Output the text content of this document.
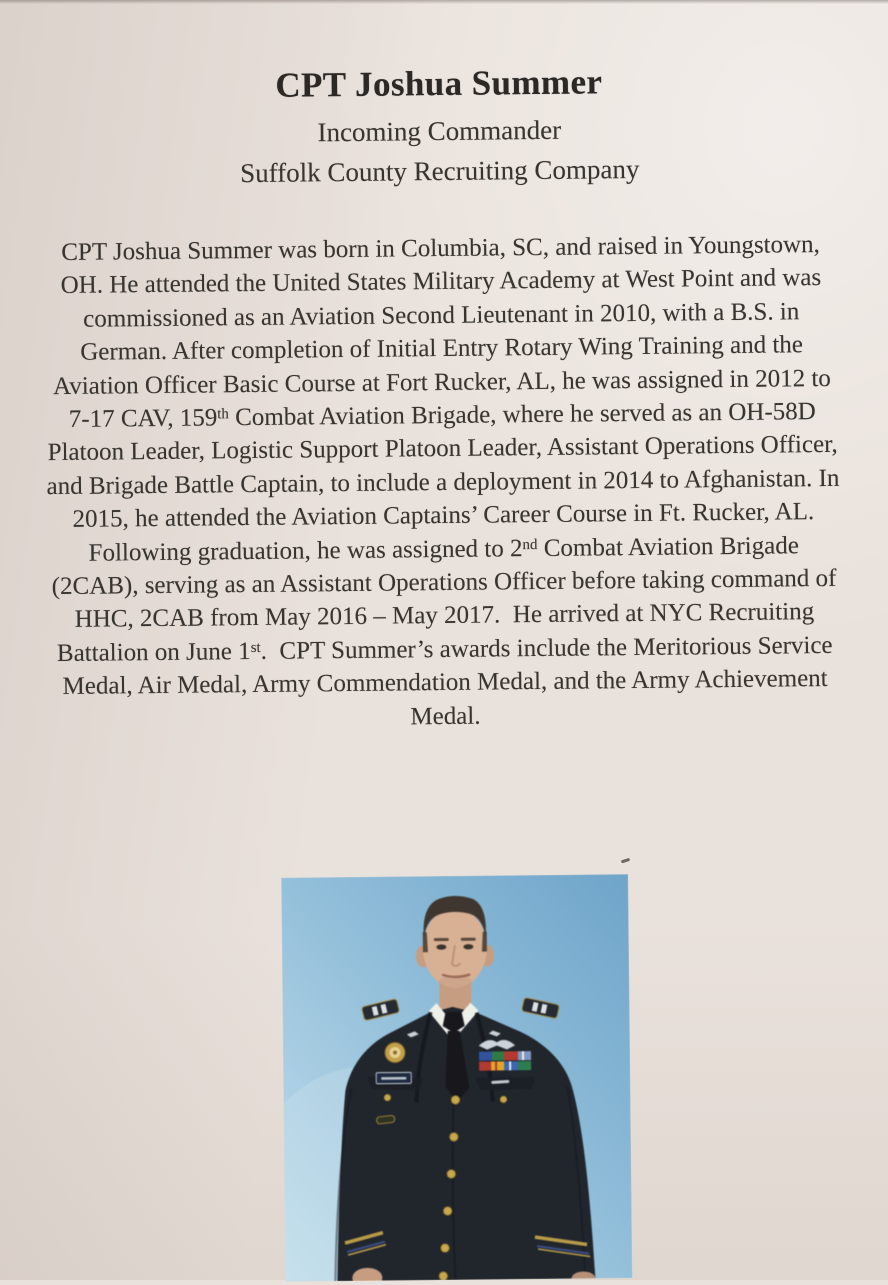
CPT Joshua Summer
Incoming Commander
Suffolk County Recruiting Company
CPT Joshua Summer was born in Columbia, SC, and raised in Youngstown,
OH. He attended the United States Military Academy at West Point and was
commissioned as an Aviation Second Lieutenant in 2010, with a B.S. in
German. After completion of Initial Entry Rotary Wing Training and the
Aviation Officer Basic Course at Fort Rucker, AL, he was assigned in 2012 to
7-17 CAV, 159th Combat Aviation Brigade, where he served as an OH-58D
Platoon Leader, Logistic Support Platoon Leader, Assistant Operations Officer,
and Brigade Battle Captain, to include a deployment in 2014 to Afghanistan. In
2015, he attended the Aviation Captains’ Career Course in Ft. Rucker, AL.
Following graduation, he was assigned to 2nd Combat Aviation Brigade
(2CAB), serving as an Assistant Operations Officer before taking command of
HHC, 2CAB from May 2016 – May 2017.  He arrived at NYC Recruiting
Battalion on June 1st.  CPT Summer’s awards include the Meritorious Service
Medal, Air Medal, Army Commendation Medal, and the Army Achievement
Medal.
